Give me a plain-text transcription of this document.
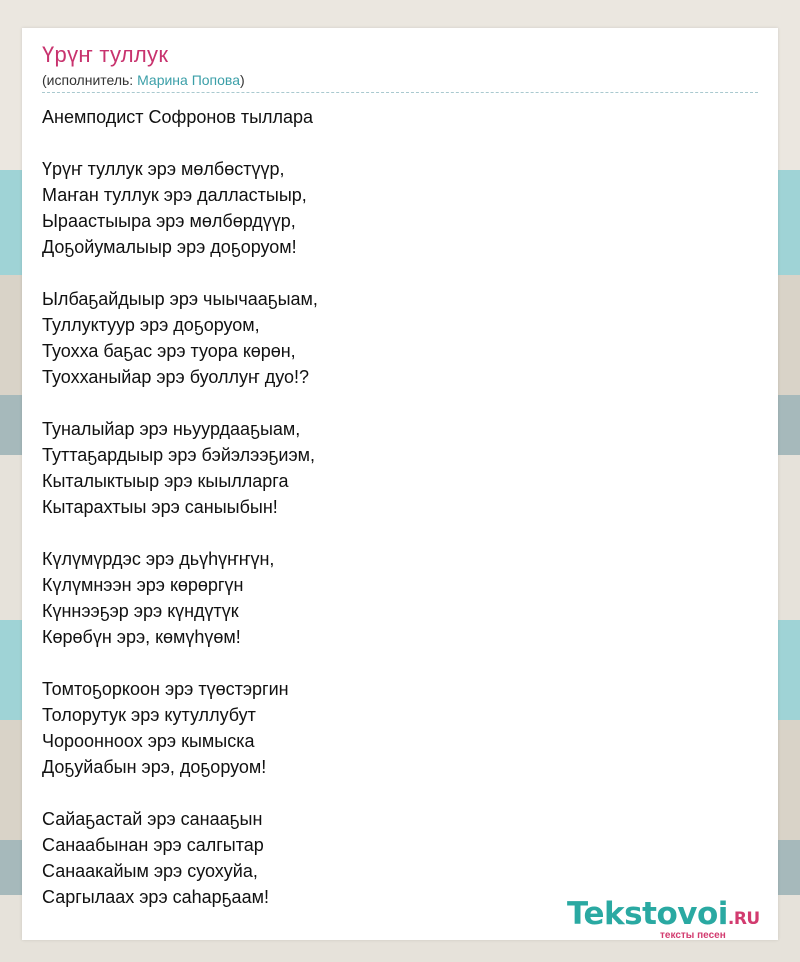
Үрүҥ туллук
(исполнитель: Марина Попова)
Анемподист Софронов тыллара
Үрүҥ туллук эрэ мөлбөстүүр,
Маҥан туллук эрэ далластыыр,
Ыраастыыра эрэ мөлбөрдүүр,
Доҕойумалыыр эрэ доҕоруом!
Ылбаҕайдыыр эрэ чыычааҕыам,
Туллуктуур эрэ доҕоруом,
Туохха баҕас эрэ туора көрөн,
Туохханыйар эрэ буоллуҥ дуо!?
Туналыйар эрэ ньуурдааҕыам,
Туттаҕардыыр эрэ бэйэлээҕиэм,
Кыталыктыыр эрэ кыылларга
Кытарахтыы эрэ саныыбын!
Күлүмүрдэс эрэ дьүһүҥҥүн,
Күлүмнээн эрэ көрөргүн
Күннээҕэр эрэ күндүтүк
Көрөбүн эрэ, көмүһүөм!
Томтоҕоркоон эрэ түөстэргин
Толорутук эрэ кутуллубут
Чороонноох эрэ кымыска
Доҕуйабын эрэ, доҕоруом!
Сайаҕастай эрэ санааҕын
Санаабынан эрэ салгытар
Санаакайым эрэ суохуйа,
Саргылаах эрэ саһарҕаам!	Tekstovoi.RU
тексты песен
